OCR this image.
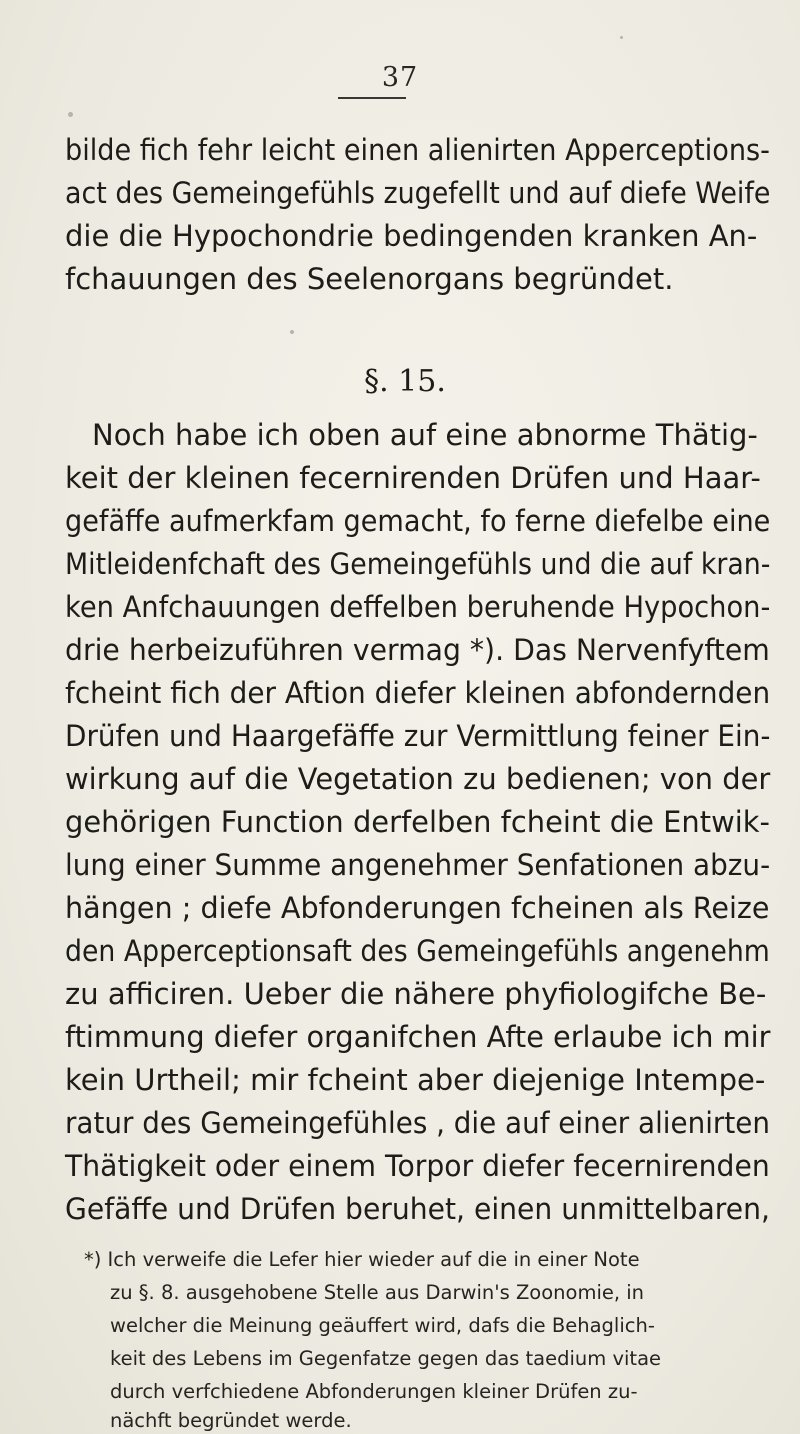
37
bilde fich fehr leicht einen alienirten Apperceptions-
act des Gemeingefühls zugefellt und auf diefe Weife
die die Hypochondrie bedingenden kranken An-
fchauungen des Seelenorgans begründet.
§. 15.
Noch habe ich oben auf eine abnorme Thätig-
keit der kleinen fecernirenden Drüfen und Haar-
gefäffe aufmerkfam gemacht, fo ferne diefelbe eine
Mitleidenfchaft des Gemeingefühls und die auf kran-
ken Anfchauungen deffelben beruhende Hypochon-
drie herbeizuführen vermag *). Das Nervenfyftem
fcheint fich der Aftion diefer kleinen abfondernden
Drüfen und Haargefäffe zur Vermittlung feiner Ein-
wirkung auf die Vegetation zu bedienen; von der
gehörigen Function derfelben fcheint die Entwik-
lung einer Summe angenehmer Senfationen abzu-
hängen ; diefe Abfonderungen fcheinen als Reize
den Apperceptionsaft des Gemeingefühls angenehm
zu afficiren. Ueber die nähere phyfiologifche Be-
ftimmung diefer organifchen Afte erlaube ich mir
kein Urtheil; mir fcheint aber diejenige Intempe-
ratur des Gemeingefühles , die auf einer alienirten
Thätigkeit oder einem Torpor diefer fecernirenden
Gefäffe und Drüfen beruhet, einen unmittelbaren,
*) Ich verweife die Lefer hier wieder auf die in einer Note
zu §. 8. ausgehobene Stelle aus Darwin's Zoonomie, in
welcher die Meinung geäuffert wird, dafs die Behaglich-
keit des Lebens im Gegenfatze gegen das taedium vitae
durch verfchiedene Abfonderungen kleiner Drüfen zu-
nächft begründet werde.
